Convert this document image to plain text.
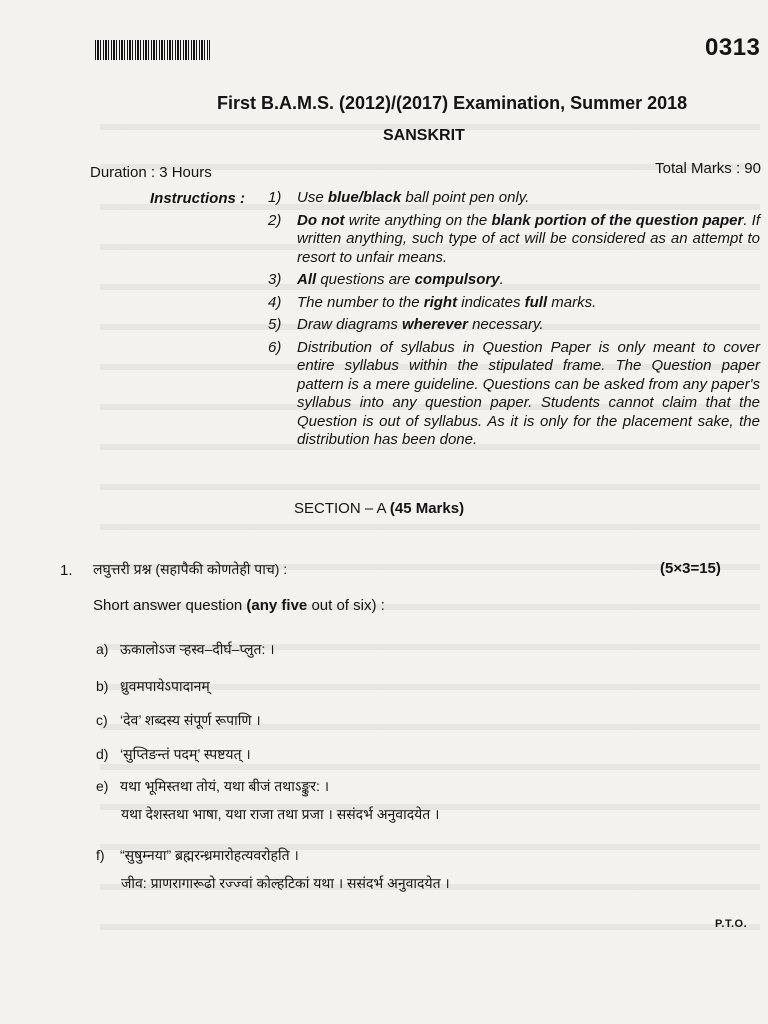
0313
First B.A.M.S. (2012)/(2017) Examination, Summer 2018
SANSKRIT
Duration : 3 Hours	Total Marks : 90
Instructions : 1)	Use blue/black ball point pen only.
2)	Do not write anything on the blank portion of the question paper. If written anything, such type of act will be considered as an attempt to resort to unfair means.
3)	All questions are compulsory.
4)	The number to the right indicates full marks.
5)	Draw diagrams wherever necessary.
6)	Distribution of syllabus in Question Paper is only meant to cover entire syllabus within the stipulated frame. The Question paper pattern is a mere guideline. Questions can be asked from any paper's syllabus into any question paper. Students cannot claim that the Question is out of syllabus. As it is only for the placement sake, the distribution has been done.
SECTION – A (45 Marks)
1. लघुत्तरी प्रश्न (सहापैकी कोणतेही पाच) :	(5×3=15)
Short answer question (any five out of six) :
a) ऊकालोऽज ऱ्हस्व–दीर्घ–प्लुत: ।
b) ध्रुवमपायेऽपादानम्
c) ‘देव’ शब्दस्य संपूर्ण रूपाणि ।
d) ‘सुप्तिङन्तं पदम्’ स्पष्टयत् ।
e) यथा भूमिस्तथा तोयं, यथा बीजं तथाऽङ्कुर: ।
यथा देशस्तथा भाषा, यथा राजा तथा प्रजा । ससंदर्भ अनुवादयेत ।
f) “सुषुम्नया” ब्रह्मरन्ध्रमारोहत्यवरोहति ।
जीव: प्राणरागारूढो रज्ज्वां कोल्हटिकां यथा । ससंदर्भ अनुवादयेत ।
P.T.O.
